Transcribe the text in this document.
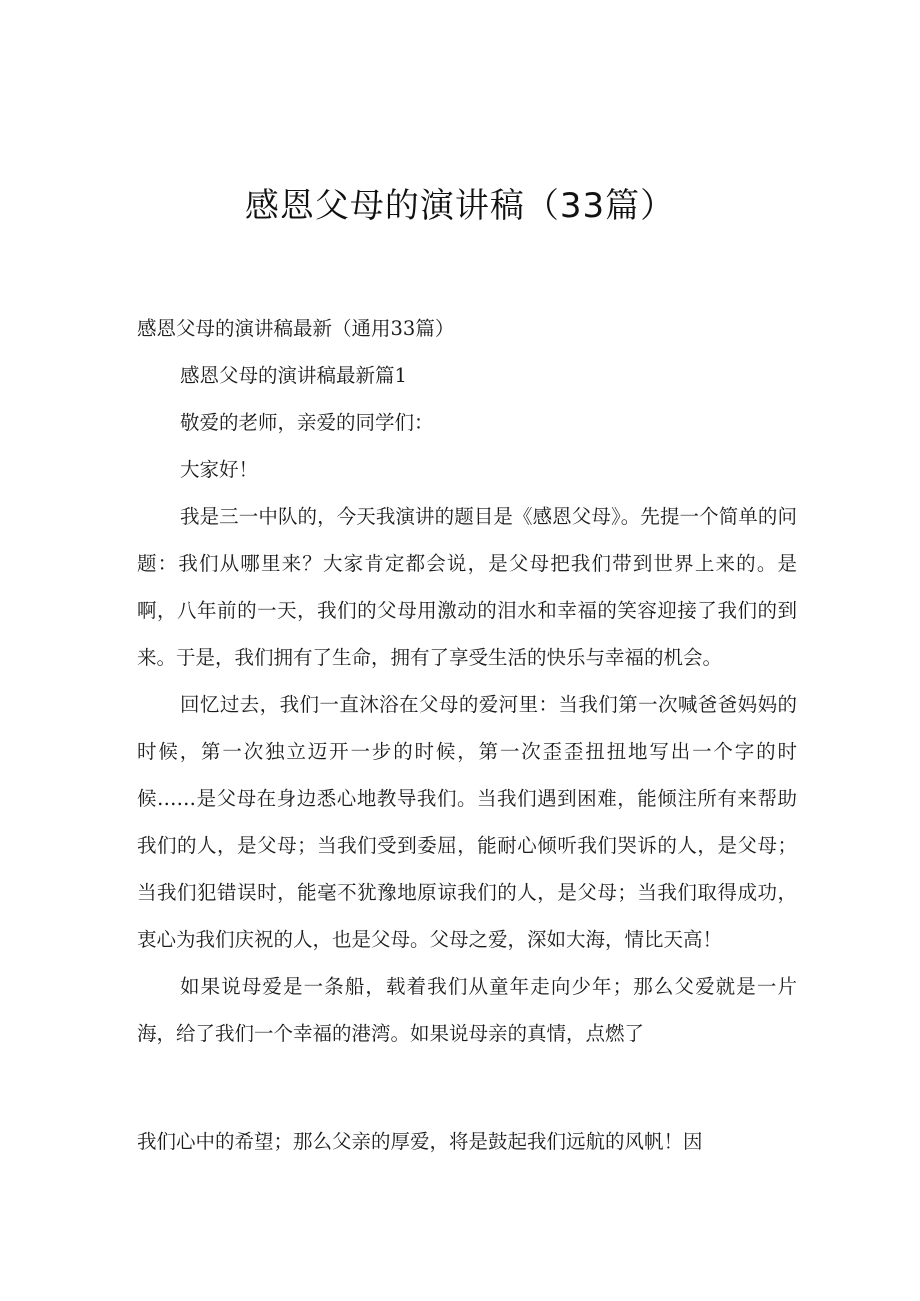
感恩父母的演讲稿（33篇）

感恩父母的演讲稿最新（通用33篇）

感恩父母的演讲稿最新篇1

敬爱的老师，亲爱的同学们：

大家好！

我是三一中队的，今天我演讲的题目是《感恩父母》。先提一个简单的问题：我们从哪里来？大家肯定都会说，是父母把我们带到世界上来的。是啊，八年前的一天，我们的父母用激动的泪水和幸福的笑容迎接了我们的到来。于是，我们拥有了生命，拥有了享受生活的快乐与幸福的机会。

回忆过去，我们一直沐浴在父母的爱河里：当我们第一次喊爸爸妈妈的时候，第一次独立迈开一步的时候，第一次歪歪扭扭地写出一个字的时候……是父母在身边悉心地教导我们。当我们遇到困难，能倾注所有来帮助我们的人，是父母；当我们受到委屈，能耐心倾听我们哭诉的人，是父母；当我们犯错误时，能毫不犹豫地原谅我们的人，是父母；当我们取得成功，衷心为我们庆祝的人，也是父母。父母之爱，深如大海，情比天高！

如果说母爱是一条船，载着我们从童年走向少年；那么父爱就是一片海，给了我们一个幸福的港湾。如果说母亲的真情，点燃了

我们心中的希望；那么父亲的厚爱，将是鼓起我们远航的风帆！因
